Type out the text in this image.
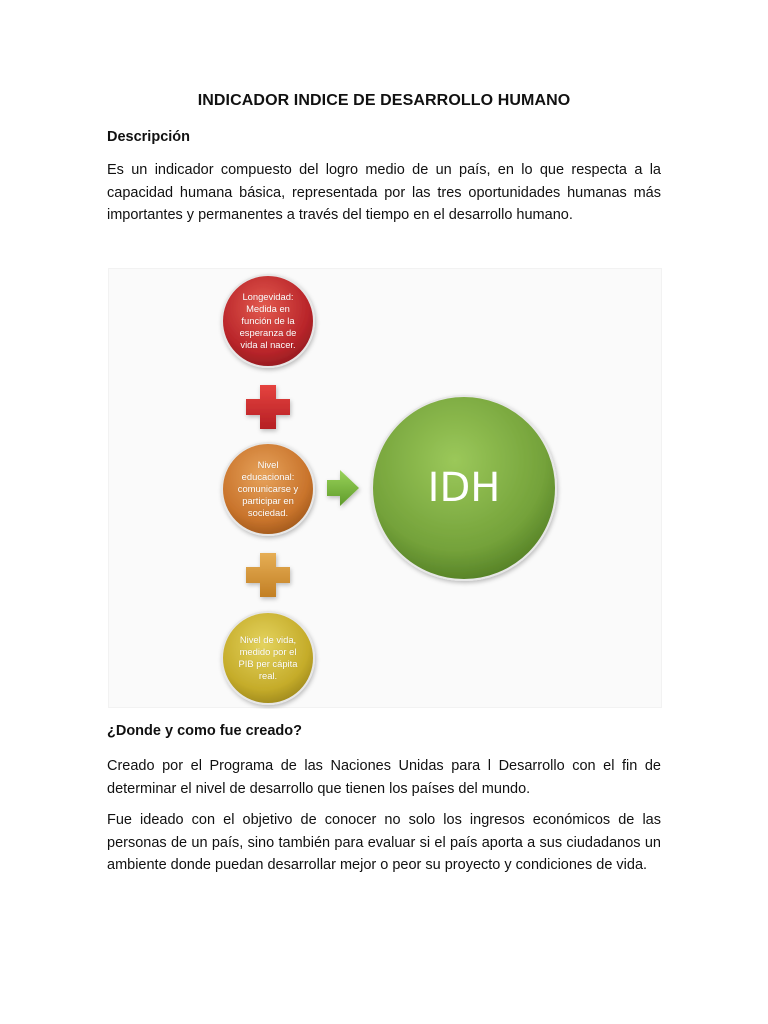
INDICADOR INDICE DE DESARROLLO HUMANO
Descripción
Es un indicador compuesto del logro medio de un país, en lo que respecta a la capacidad humana básica, representada por las tres oportunidades humanas más importantes y permanentes a través del tiempo en el desarrollo humano.
Longevidad: Medida en función de la esperanza de vida al nacer.
Nivel educacional: comunicarse y participar en sociedad.
Nivel de vida, medido por el PIB per cápita real.
IDH
¿Donde y como fue creado?
Creado por el Programa de las Naciones Unidas para l Desarrollo con el fin de determinar el nivel de desarrollo que tienen los países del mundo.
Fue ideado con el objetivo de conocer no solo los ingresos económicos de las personas de un país, sino también para evaluar si el país aporta a sus ciudadanos un ambiente donde puedan desarrollar mejor o peor su proyecto y condiciones de vida.
